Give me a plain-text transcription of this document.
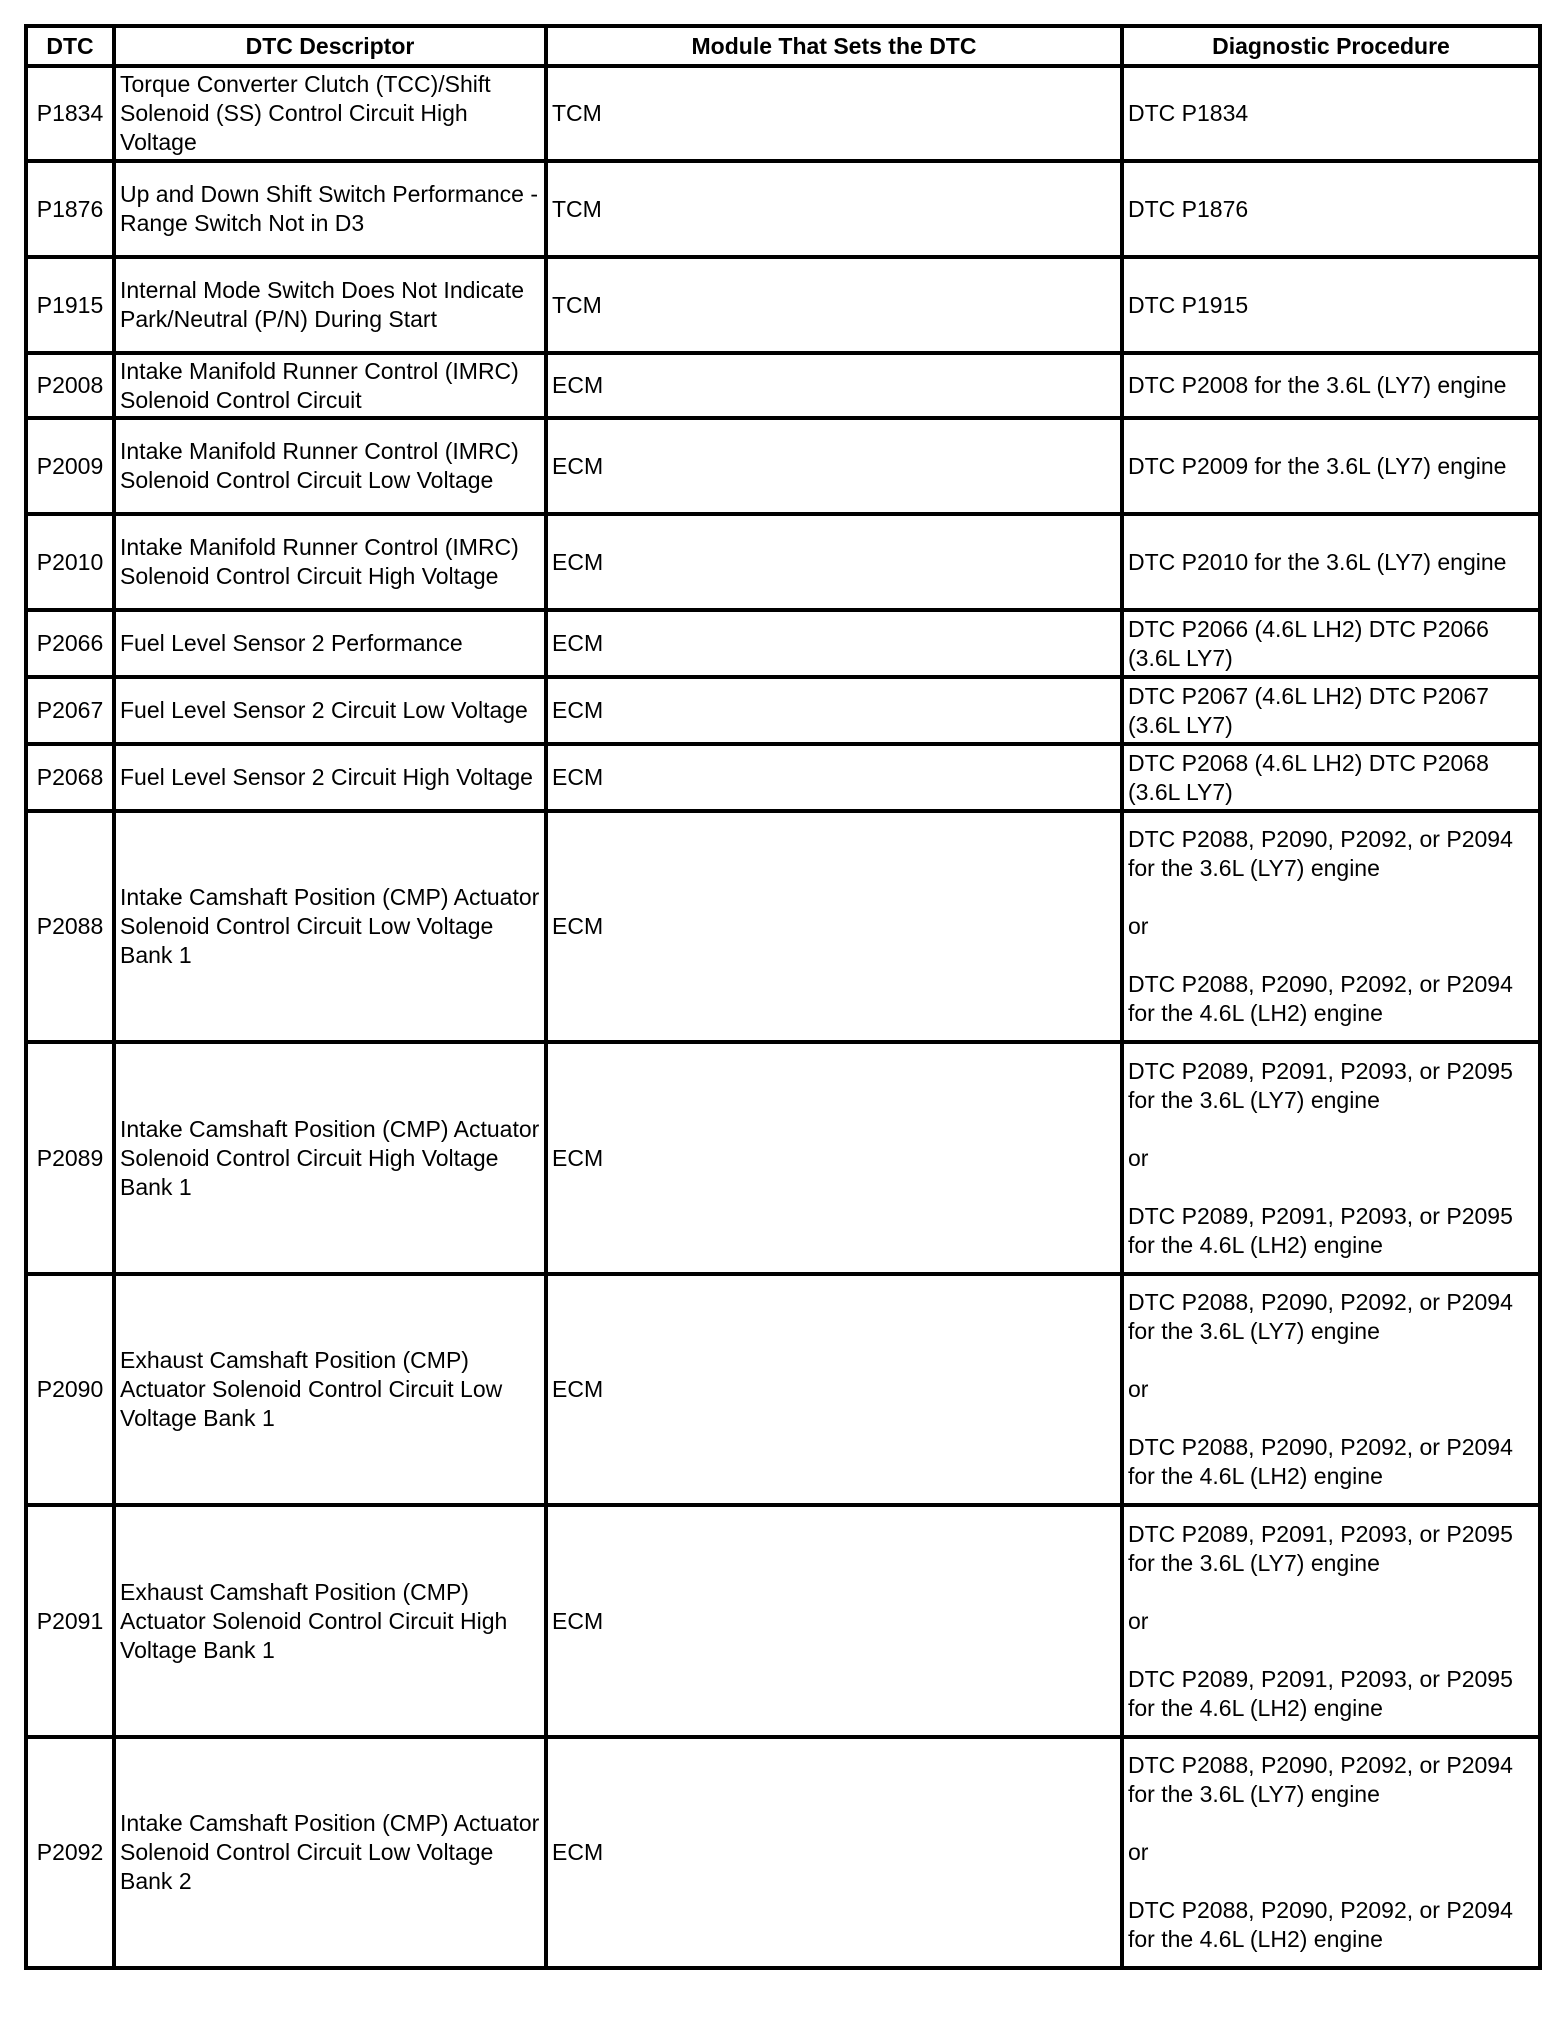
DTC	DTC Descriptor	Module That Sets the DTC	Diagnostic Procedure
P1834	Torque Converter Clutch (TCC)/Shift Solenoid (SS) Control Circuit High Voltage	TCM	DTC P1834
P1876	Up and Down Shift Switch Performance - Range Switch Not in D3	TCM	DTC P1876
P1915	Internal Mode Switch Does Not Indicate Park/Neutral (P/N) During Start	TCM	DTC P1915
P2008	Intake Manifold Runner Control (IMRC) Solenoid Control Circuit	ECM	DTC P2008 for the 3.6L (LY7) engine
P2009	Intake Manifold Runner Control (IMRC) Solenoid Control Circuit Low Voltage	ECM	DTC P2009 for the 3.6L (LY7) engine
P2010	Intake Manifold Runner Control (IMRC) Solenoid Control Circuit High Voltage	ECM	DTC P2010 for the 3.6L (LY7) engine
P2066	Fuel Level Sensor 2 Performance	ECM	DTC P2066 (4.6L LH2) DTC P2066 (3.6L LY7)
P2067	Fuel Level Sensor 2 Circuit Low Voltage	ECM	DTC P2067 (4.6L LH2) DTC P2067 (3.6L LY7)
P2068	Fuel Level Sensor 2 Circuit High Voltage	ECM	DTC P2068 (4.6L LH2) DTC P2068 (3.6L LY7)
P2088	Intake Camshaft Position (CMP) Actuator Solenoid Control Circuit Low Voltage Bank 1	ECM	DTC P2088, P2090, P2092, or P2094 for the 3.6L (LY7) engine

or

DTC P2088, P2090, P2092, or P2094 for the 4.6L (LH2) engine
P2089	Intake Camshaft Position (CMP) Actuator Solenoid Control Circuit High Voltage Bank 1	ECM	DTC P2089, P2091, P2093, or P2095 for the 3.6L (LY7) engine

or

DTC P2089, P2091, P2093, or P2095 for the 4.6L (LH2) engine
P2090	Exhaust Camshaft Position (CMP) Actuator Solenoid Control Circuit Low Voltage Bank 1	ECM	DTC P2088, P2090, P2092, or P2094 for the 3.6L (LY7) engine

or

DTC P2088, P2090, P2092, or P2094 for the 4.6L (LH2) engine
P2091	Exhaust Camshaft Position (CMP) Actuator Solenoid Control Circuit High Voltage Bank 1	ECM	DTC P2089, P2091, P2093, or P2095 for the 3.6L (LY7) engine

or

DTC P2089, P2091, P2093, or P2095 for the 4.6L (LH2) engine
P2092	Intake Camshaft Position (CMP) Actuator Solenoid Control Circuit Low Voltage Bank 2	ECM	DTC P2088, P2090, P2092, or P2094 for the 3.6L (LY7) engine

or

DTC P2088, P2090, P2092, or P2094 for the 4.6L (LH2) engine
